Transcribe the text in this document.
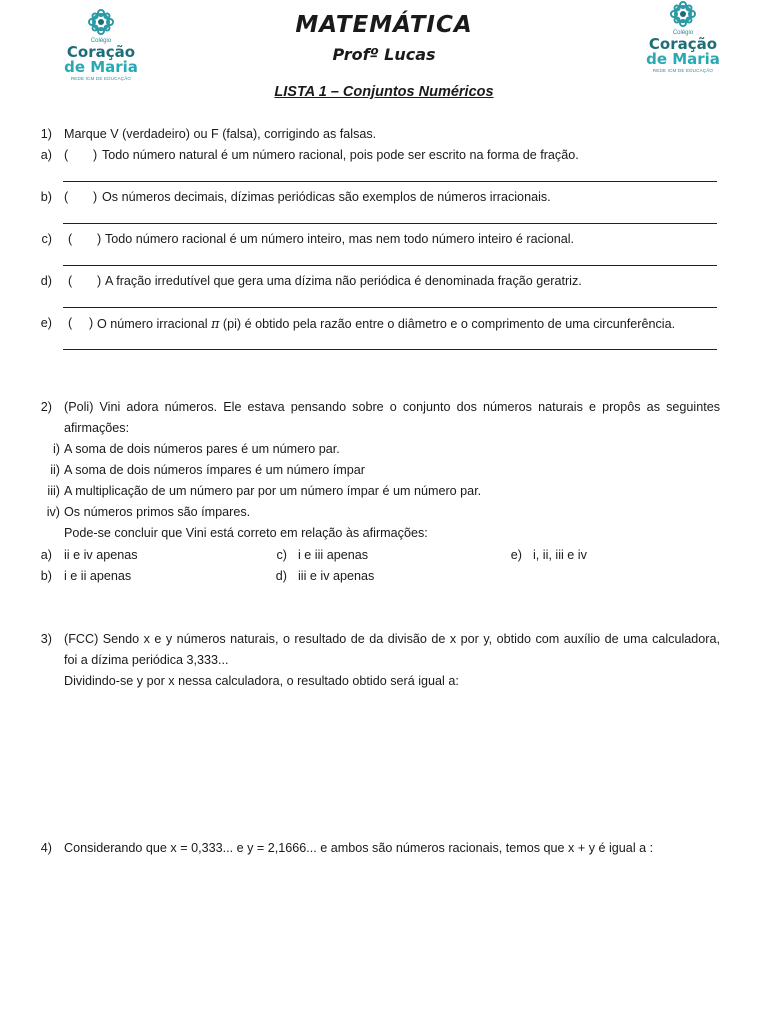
Colégio
Coração
de Maria
REDE ICM DE EDUCAÇÃO
Colégio
Coração
de Maria
REDE ICM DE EDUCAÇÃO
MATEMÁTICA
Profº Lucas
LISTA 1 – Conjuntos Numéricos
1) Marque V (verdadeiro) ou F (falsa), corrigindo as falsas.
a) ( ) Todo número natural é um número racional, pois pode ser escrito na forma de fração.
b) ( ) Os números decimais, dízimas periódicas são exemplos de números irracionais.
c) ( ) Todo número racional é um número inteiro, mas nem todo número inteiro é racional.
d) ( ) A fração irredutível que gera uma dízima não periódica é denominada fração geratriz.
e) ( ) O número irracional π (pi) é obtido pela razão entre o diâmetro e o comprimento de uma circunferência.
2) (Poli) Vini adora números. Ele estava pensando sobre o conjunto dos números naturais e propôs as seguintes
afirmações:
i) A soma de dois números pares é um número par.
ii) A soma de dois números ímpares é um número ímpar
iii) A multiplicação de um número par por um número ímpar é um número par.
iv) Os números primos são ímpares.
Pode-se concluir que Vini está correto em relação às afirmações:
a) ii e iv apenas
b) i e ii apenas
c) i e iii apenas
d) iii e iv apenas
e) i, ii, iii e iv
3) (FCC) Sendo x e y números naturais, o resultado de da divisão de x por y, obtido com auxílio de uma calculadora,
foi a dízima periódica 3,333...
Dividindo-se y por x nessa calculadora, o resultado obtido será igual a:
4) Considerando que x = 0,333... e y = 2,1666... e ambos são números racionais, temos que x + y é igual a :
